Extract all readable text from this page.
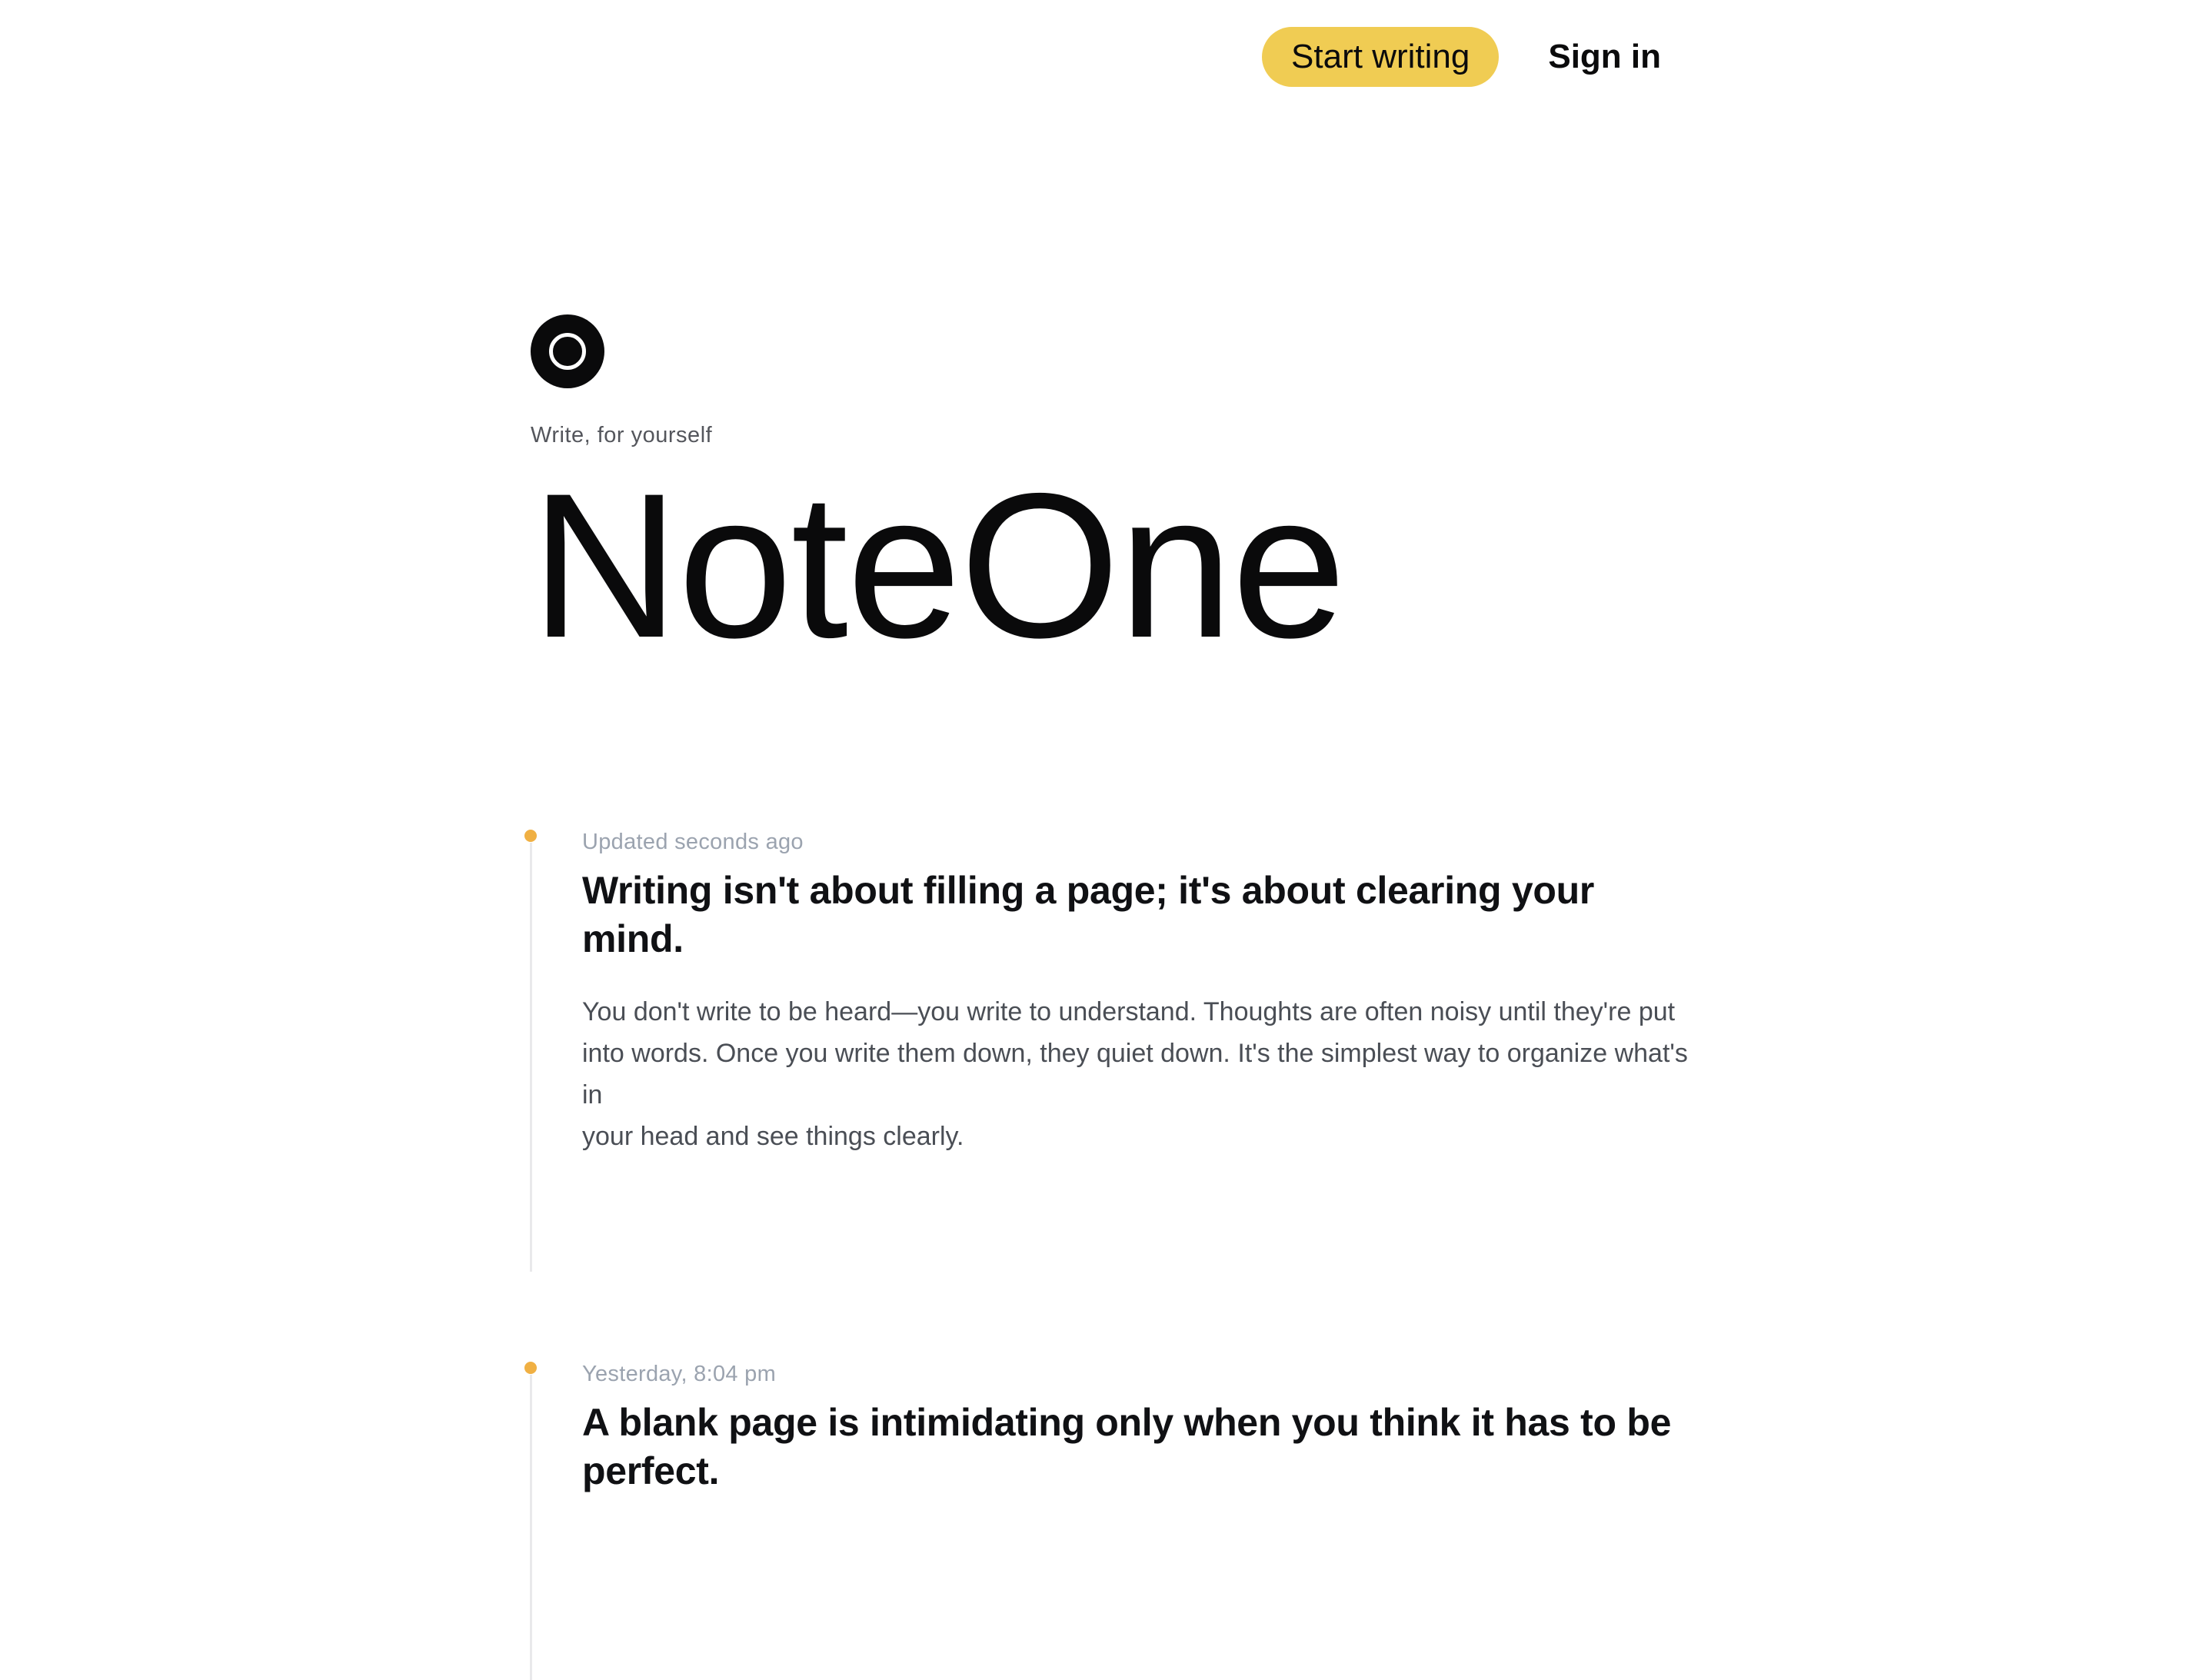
Start writing	Sign in
Write, for yourself
NoteOne
Updated seconds ago
Writing isn't about filling a page; it's about clearing your mind.
You don't write to be heard—you write to understand. Thoughts are often noisy until they're put
into words. Once you write them down, they quiet down. It's the simplest way to organize what's in
your head and see things clearly.
Yesterday, 8:04 pm
A blank page is intimidating only when you think it has to be
perfect.
